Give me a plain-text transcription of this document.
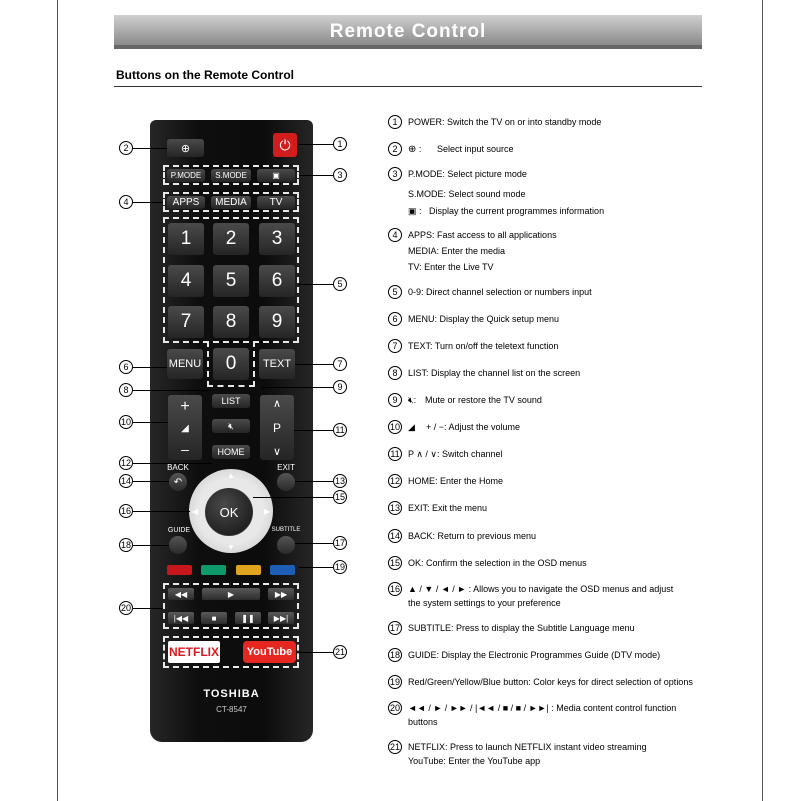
Remote Control
Buttons on the Remote Control
⊕	⏻
P.MODE	S.MODE	▣
APPS	MEDIA	TV
1	2	3
4	5	6
7	8	9
0
MENU	TEXT
+
◢
–
LIST
🔇︎
HOME
∧
P
∨
BACK
↶
EXIT
▲
▼
◀	▶
OK
GUIDE	SUBTITLE
◀◀	▶	▶▶
|◀◀	■	❚❚ ▶▶|
NETFLIX	YouTube
TOSHIBA
CT-8547
2
4
6
8
10
12
14
16
18
20
1
3
5
7
9
11
13
15
17
19
21
1	POWER: Switch the TV on or into standby mode
2	⊕ : Select input source
3	P.MODE: Select picture mode
S.MODE: Select sound mode
▣ : Display the current programmes information
4	APPS: Fast access to all applications
MEDIA: Enter the media
TV: Enter the Live TV
5	0-9: Direct channel selection or numbers input
6	MENU: Display the Quick setup menu
7	TEXT: Turn on/off the teletext function
8	LIST: Display the channel list on the screen
9	🔇︎: Mute or restore the TV sound
10 ◢ + / −: Adjust the volume
11 P ∧ / ∨: Switch channel
12 HOME: Enter the Home
13 EXIT: Exit the menu
14 BACK: Return to previous menu
15 OK: Confirm the selection in the OSD menus
16 ▲ / ▼ / ◄ / ► : Allows you to navigate the OSD menus and adjust
the system settings to your preference
17 SUBTITLE: Press to display the Subtitle Language menu
18 GUIDE: Display the Electronic Programmes Guide (DTV mode)
19 Red/Green/Yellow/Blue button: Color keys for direct selection of options
20 ◄◄ / ► / ►► / |◄◄ / ■ / ■ / ►►| : Media content control function
buttons
21 NETFLIX: Press to launch NETFLIX instant video streaming
YouTube: Enter the YouTube app
